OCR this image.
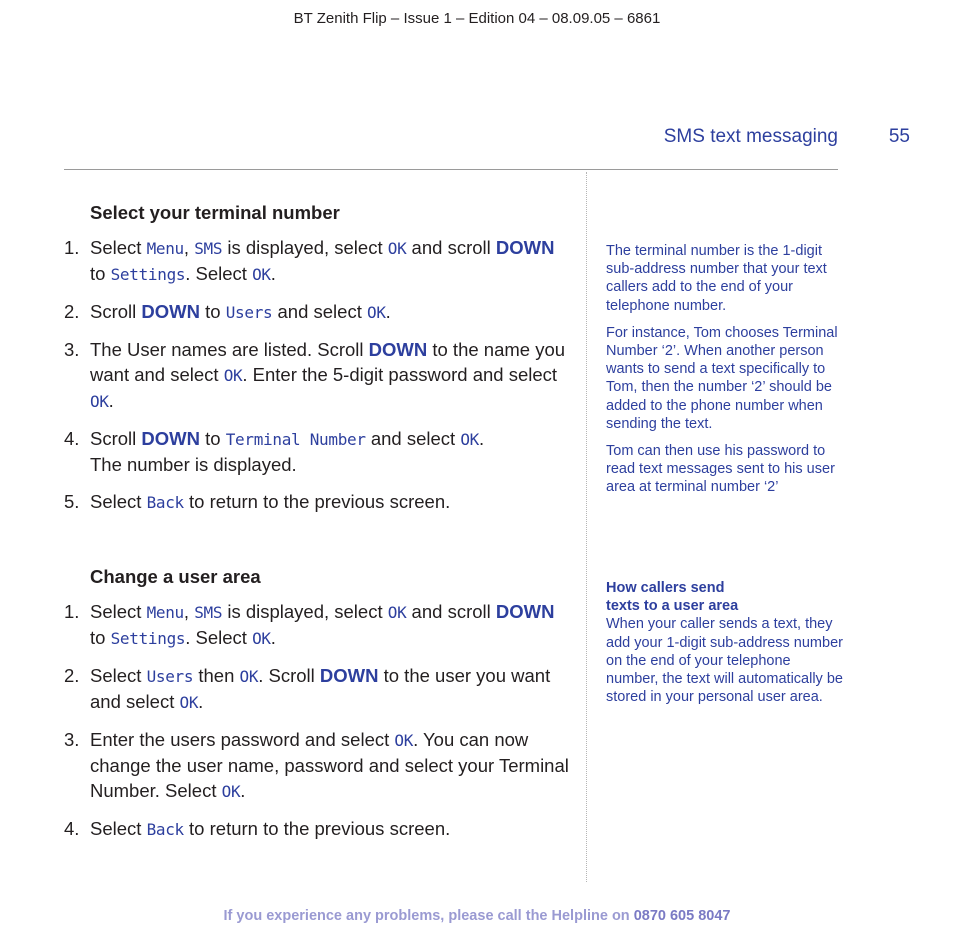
BT Zenith Flip – Issue 1 – Edition 04 – 08.09.05 – 6861
SMS text messaging	55
Select your terminal number
1. Select Menu, SMS is displayed, select OK and scroll DOWN to Settings. Select OK.
2. Scroll DOWN to Users and select OK.
3. The User names are listed. Scroll DOWN to the name you want and select OK. Enter the 5-digit password and select OK.
4. Scroll DOWN to Terminal Number and select OK.
The number is displayed.
5. Select Back to return to the previous screen.
Change a user area
1. Select Menu, SMS is displayed, select OK and scroll DOWN to Settings. Select OK.
2. Select Users then OK. Scroll DOWN to the user you want and select OK.
3. Enter the users password and select OK. You can now change the user name, password and select your Terminal Number. Select OK.
4. Select Back to return to the previous screen.

The terminal number is the 1-digit sub-address number that your text callers add to the end of your telephone number.

For instance, Tom chooses Terminal Number ‘2’. When another person wants to send a text specifically to Tom, then the number ‘2’ should be added to the phone number when sending the text.

Tom can then use his password to read text messages sent to his user area at terminal number ‘2’

How callers send
texts to a user area
When your caller sends a text, they add your 1-digit sub-address number on the end of your telephone number, the text will automatically be stored in your personal user area.
If you experience any problems, please call the Helpline on 0870 605 8047
